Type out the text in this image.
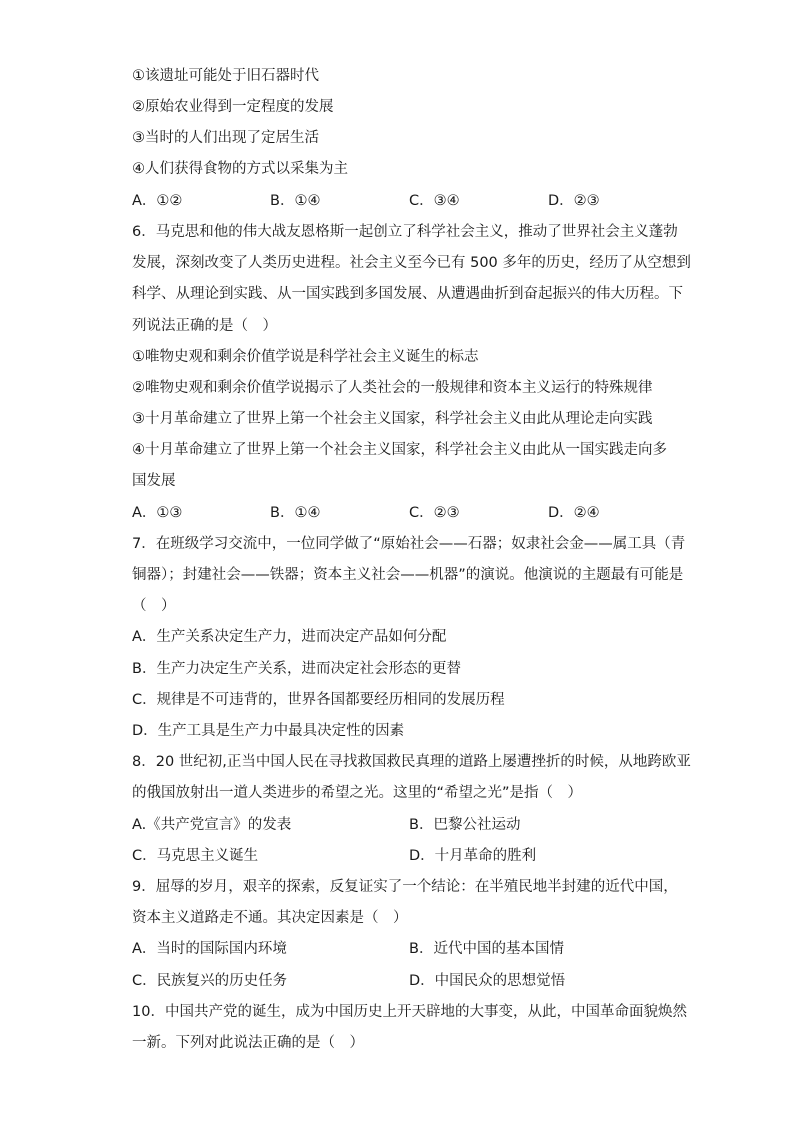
①该遗址可能处于旧石器时代
②原始农业得到一定程度的发展
③当时的人们出现了定居生活
④人们获得食物的方式以采集为主
A．①②	B．①④	C．③④	D．②③
6．马克思和他的伟大战友恩格斯一起创立了科学社会主义，推动了世界社会主义蓬勃
发展，深刻改变了人类历史进程。社会主义至今已有 500 多年的历史，经历了从空想到
科学、从理论到实践、从一国实践到多国发展、从遭遇曲折到奋起振兴的伟大历程。下
列说法正确的是（　）
①唯物史观和剩余价值学说是科学社会主义诞生的标志
②唯物史观和剩余价值学说揭示了人类社会的一般规律和资本主义运行的特殊规律
③十月革命建立了世界上第一个社会主义国家，科学社会主义由此从理论走向实践
④十月革命建立了世界上第一个社会主义国家，科学社会主义由此从一国实践走向多
国发展
A．①③	B．①④	C．②③	D．②④
7．在班级学习交流中，一位同学做了“原始社会——石器；奴隶社会金——属工具（青
铜器）；封建社会——铁器；资本主义社会——机器”的演说。他演说的主题最有可能是
（　）
A．生产关系决定生产力，进而决定产品如何分配
B．生产力决定生产关系，进而决定社会形态的更替
C．规律是不可违背的，世界各国都要经历相同的发展历程
D．生产工具是生产力中最具决定性的因素
8．20 世纪初,正当中国人民在寻找救国救民真理的道路上屡遭挫折的时候，从地跨欧亚
的俄国放射出一道人类进步的希望之光。这里的“希望之光”是指（　）
A.《共产党宣言》的发表	B．巴黎公社运动
C．马克思主义诞生	D．十月革命的胜利
9．屈辱的岁月，艰辛的探索，反复证实了一个结论：在半殖民地半封建的近代中国，
资本主义道路走不通。其决定因素是（　）
A．当时的国际国内环境	B．近代中国的基本国情
C．民族复兴的历史任务	D．中国民众的思想觉悟
10．中国共产党的诞生，成为中国历史上开天辟地的大事变，从此，中国革命面貌焕然
一新。下列对此说法正确的是（　）
